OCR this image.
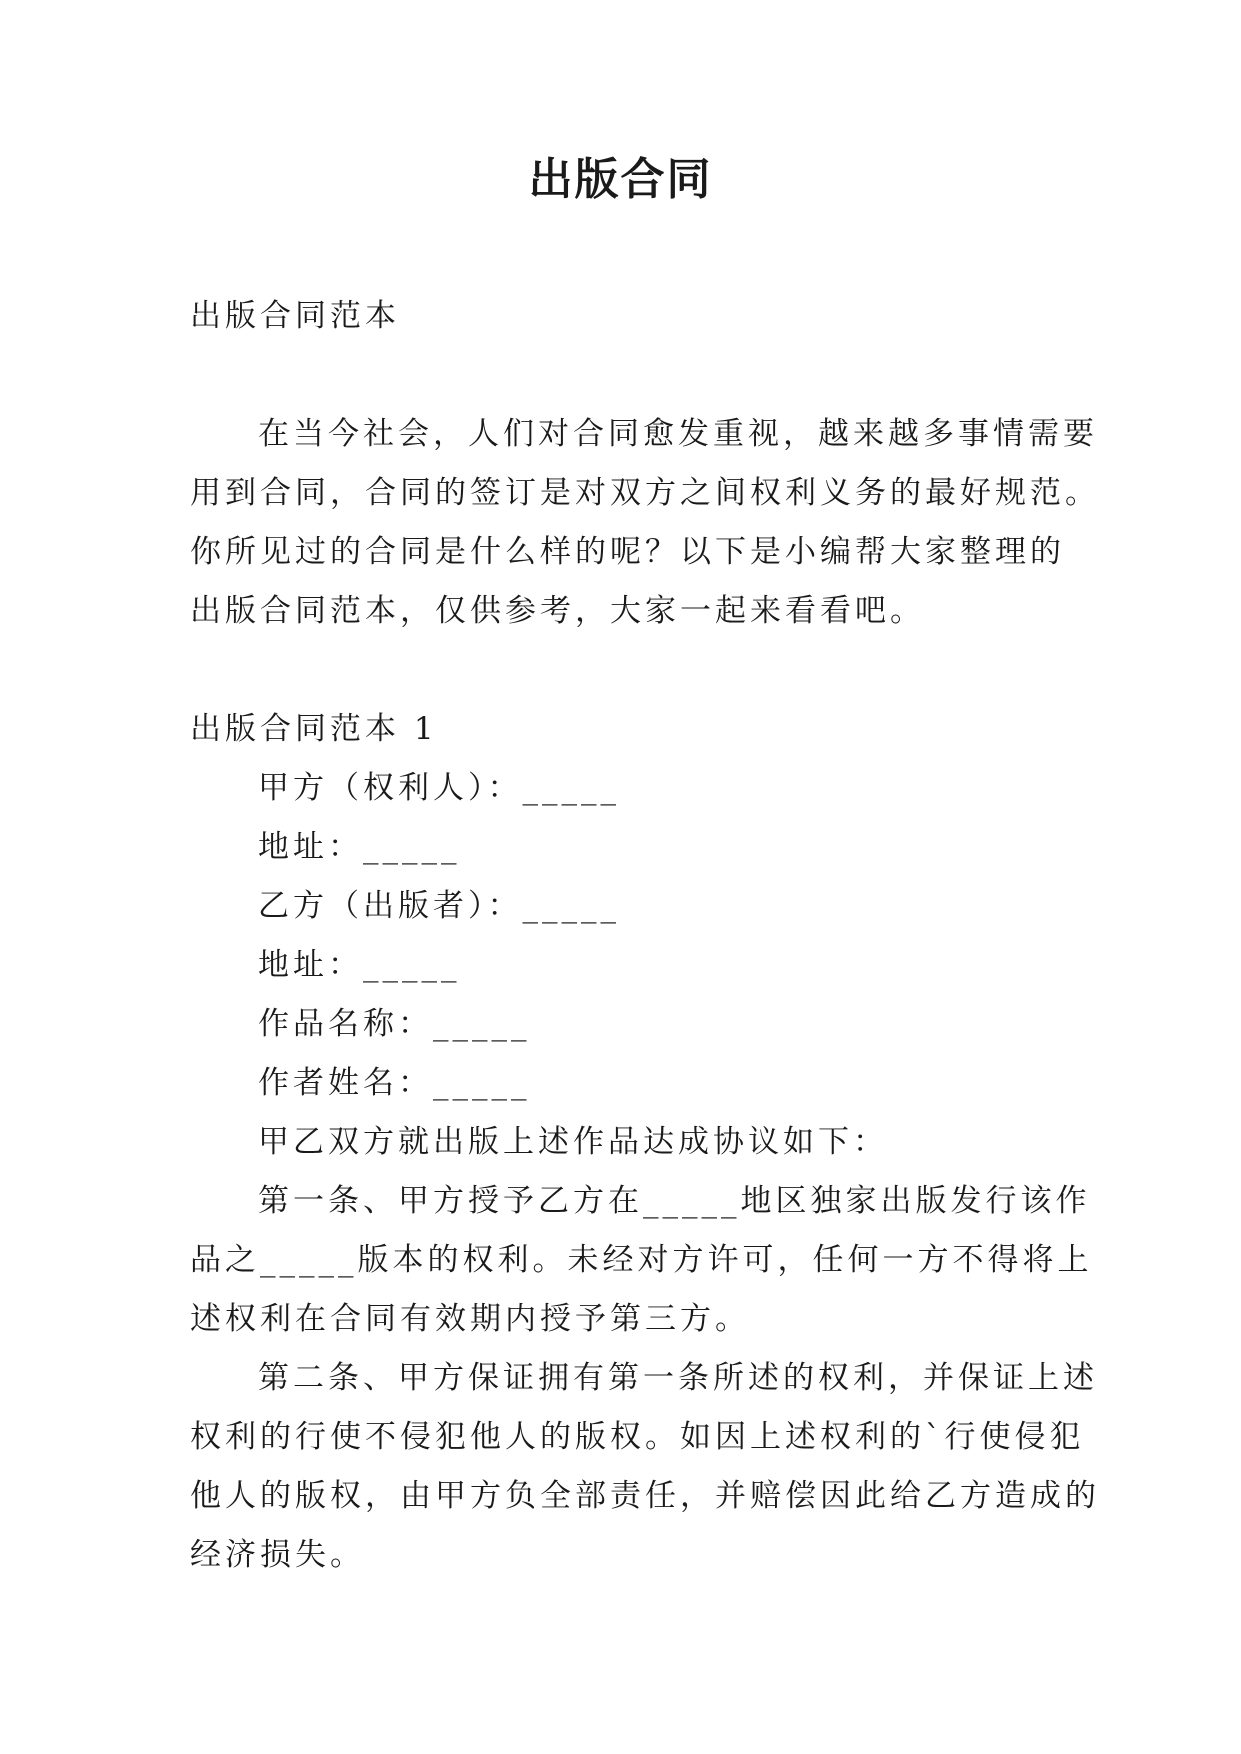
出版合同
出版合同范本
在当今社会，人们对合同愈发重视，越来越多事情需要
用到合同，合同的签订是对双方之间权利义务的最好规范。
你所见过的合同是什么样的呢？以下是小编帮大家整理的
出版合同范本，仅供参考，大家一起来看看吧。
出版合同范本 1
甲方（权利人）：_____
地址：_____
乙方（出版者）：_____
地址：_____
作品名称：_____
作者姓名：_____
甲乙双方就出版上述作品达成协议如下：
第一条、甲方授予乙方在_____地区独家出版发行该作
品之_____版本的权利。未经对方许可，任何一方不得将上
述权利在合同有效期内授予第三方。
第二条、甲方保证拥有第一条所述的权利，并保证上述
权利的行使不侵犯他人的版权。如因上述权利的`行使侵犯
他人的版权，由甲方负全部责任，并赔偿因此给乙方造成的
经济损失。
